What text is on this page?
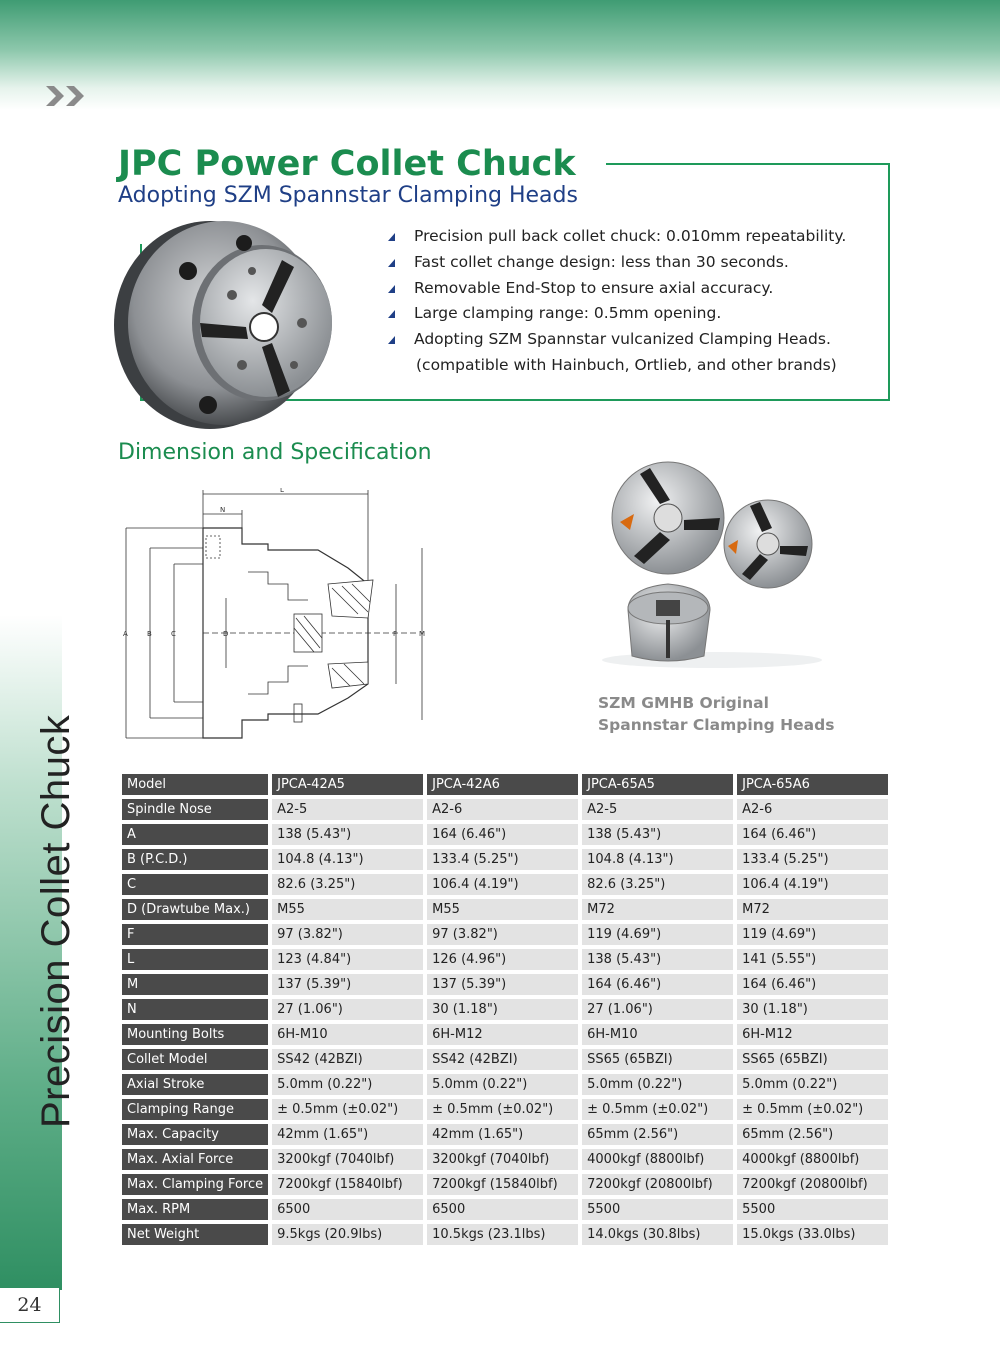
Precision Collet Chuck
24
JPC Power Collet Chuck
Adopting SZM Spannstar Clamping Heads
Precision pull back collet chuck: 0.010mm repeatability.
Fast collet change design: less than 30 seconds.
Removable End-Stop to ensure axial accuracy.
Large clamping range: 0.5mm opening.
Adopting SZM Spannstar vulcanized Clamping Heads.
(compatible with Hainbuch, Ortlieb, and other brands)
Dimension and Specification
L
N
A	B	C	D	F	M
SZM GMHB Original
Spannstar Clamping Heads
Model	JPCA-42A5	JPCA-42A6	JPCA-65A5	JPCA-65A6
Spindle Nose	A2-5	A2-6	A2-5	A2-6
A	138 (5.43")	164 (6.46")	138 (5.43")	164 (6.46")
B (P.C.D.)	104.8 (4.13")	133.4 (5.25")	104.8 (4.13")	133.4 (5.25")
C	82.6 (3.25")	106.4 (4.19")	82.6 (3.25")	106.4 (4.19")
D (Drawtube Max.)	M55	M55	M72	M72
F	97 (3.82")	97 (3.82")	119 (4.69")	119 (4.69")
L	123 (4.84")	126 (4.96")	138 (5.43")	141 (5.55")
M	137 (5.39")	137 (5.39")	164 (6.46")	164 (6.46")
N	27 (1.06")	30 (1.18")	27 (1.06")	30 (1.18")
Mounting Bolts	6H-M10	6H-M12	6H-M10	6H-M12
Collet Model	SS42 (42BZI)	SS42 (42BZI)	SS65 (65BZI)	SS65 (65BZI)
Axial Stroke	5.0mm (0.22")	5.0mm (0.22")	5.0mm (0.22")	5.0mm (0.22")
Clamping Range	± 0.5mm (±0.02")	± 0.5mm (±0.02")	± 0.5mm (±0.02")	± 0.5mm (±0.02")
Max. Capacity	42mm (1.65")	42mm (1.65")	65mm (2.56")	65mm (2.56")
Max. Axial Force	3200kgf (7040lbf)	3200kgf (7040lbf)	4000kgf (8800lbf)	4000kgf (8800lbf)
Max. Clamping Force	7200kgf (15840lbf)	7200kgf (15840lbf)	7200kgf (20800lbf)	7200kgf (20800lbf)
Max. RPM	6500	6500	5500	5500
Net Weight	9.5kgs (20.9lbs)	10.5kgs (23.1lbs)	14.0kgs (30.8lbs)	15.0kgs (33.0lbs)
